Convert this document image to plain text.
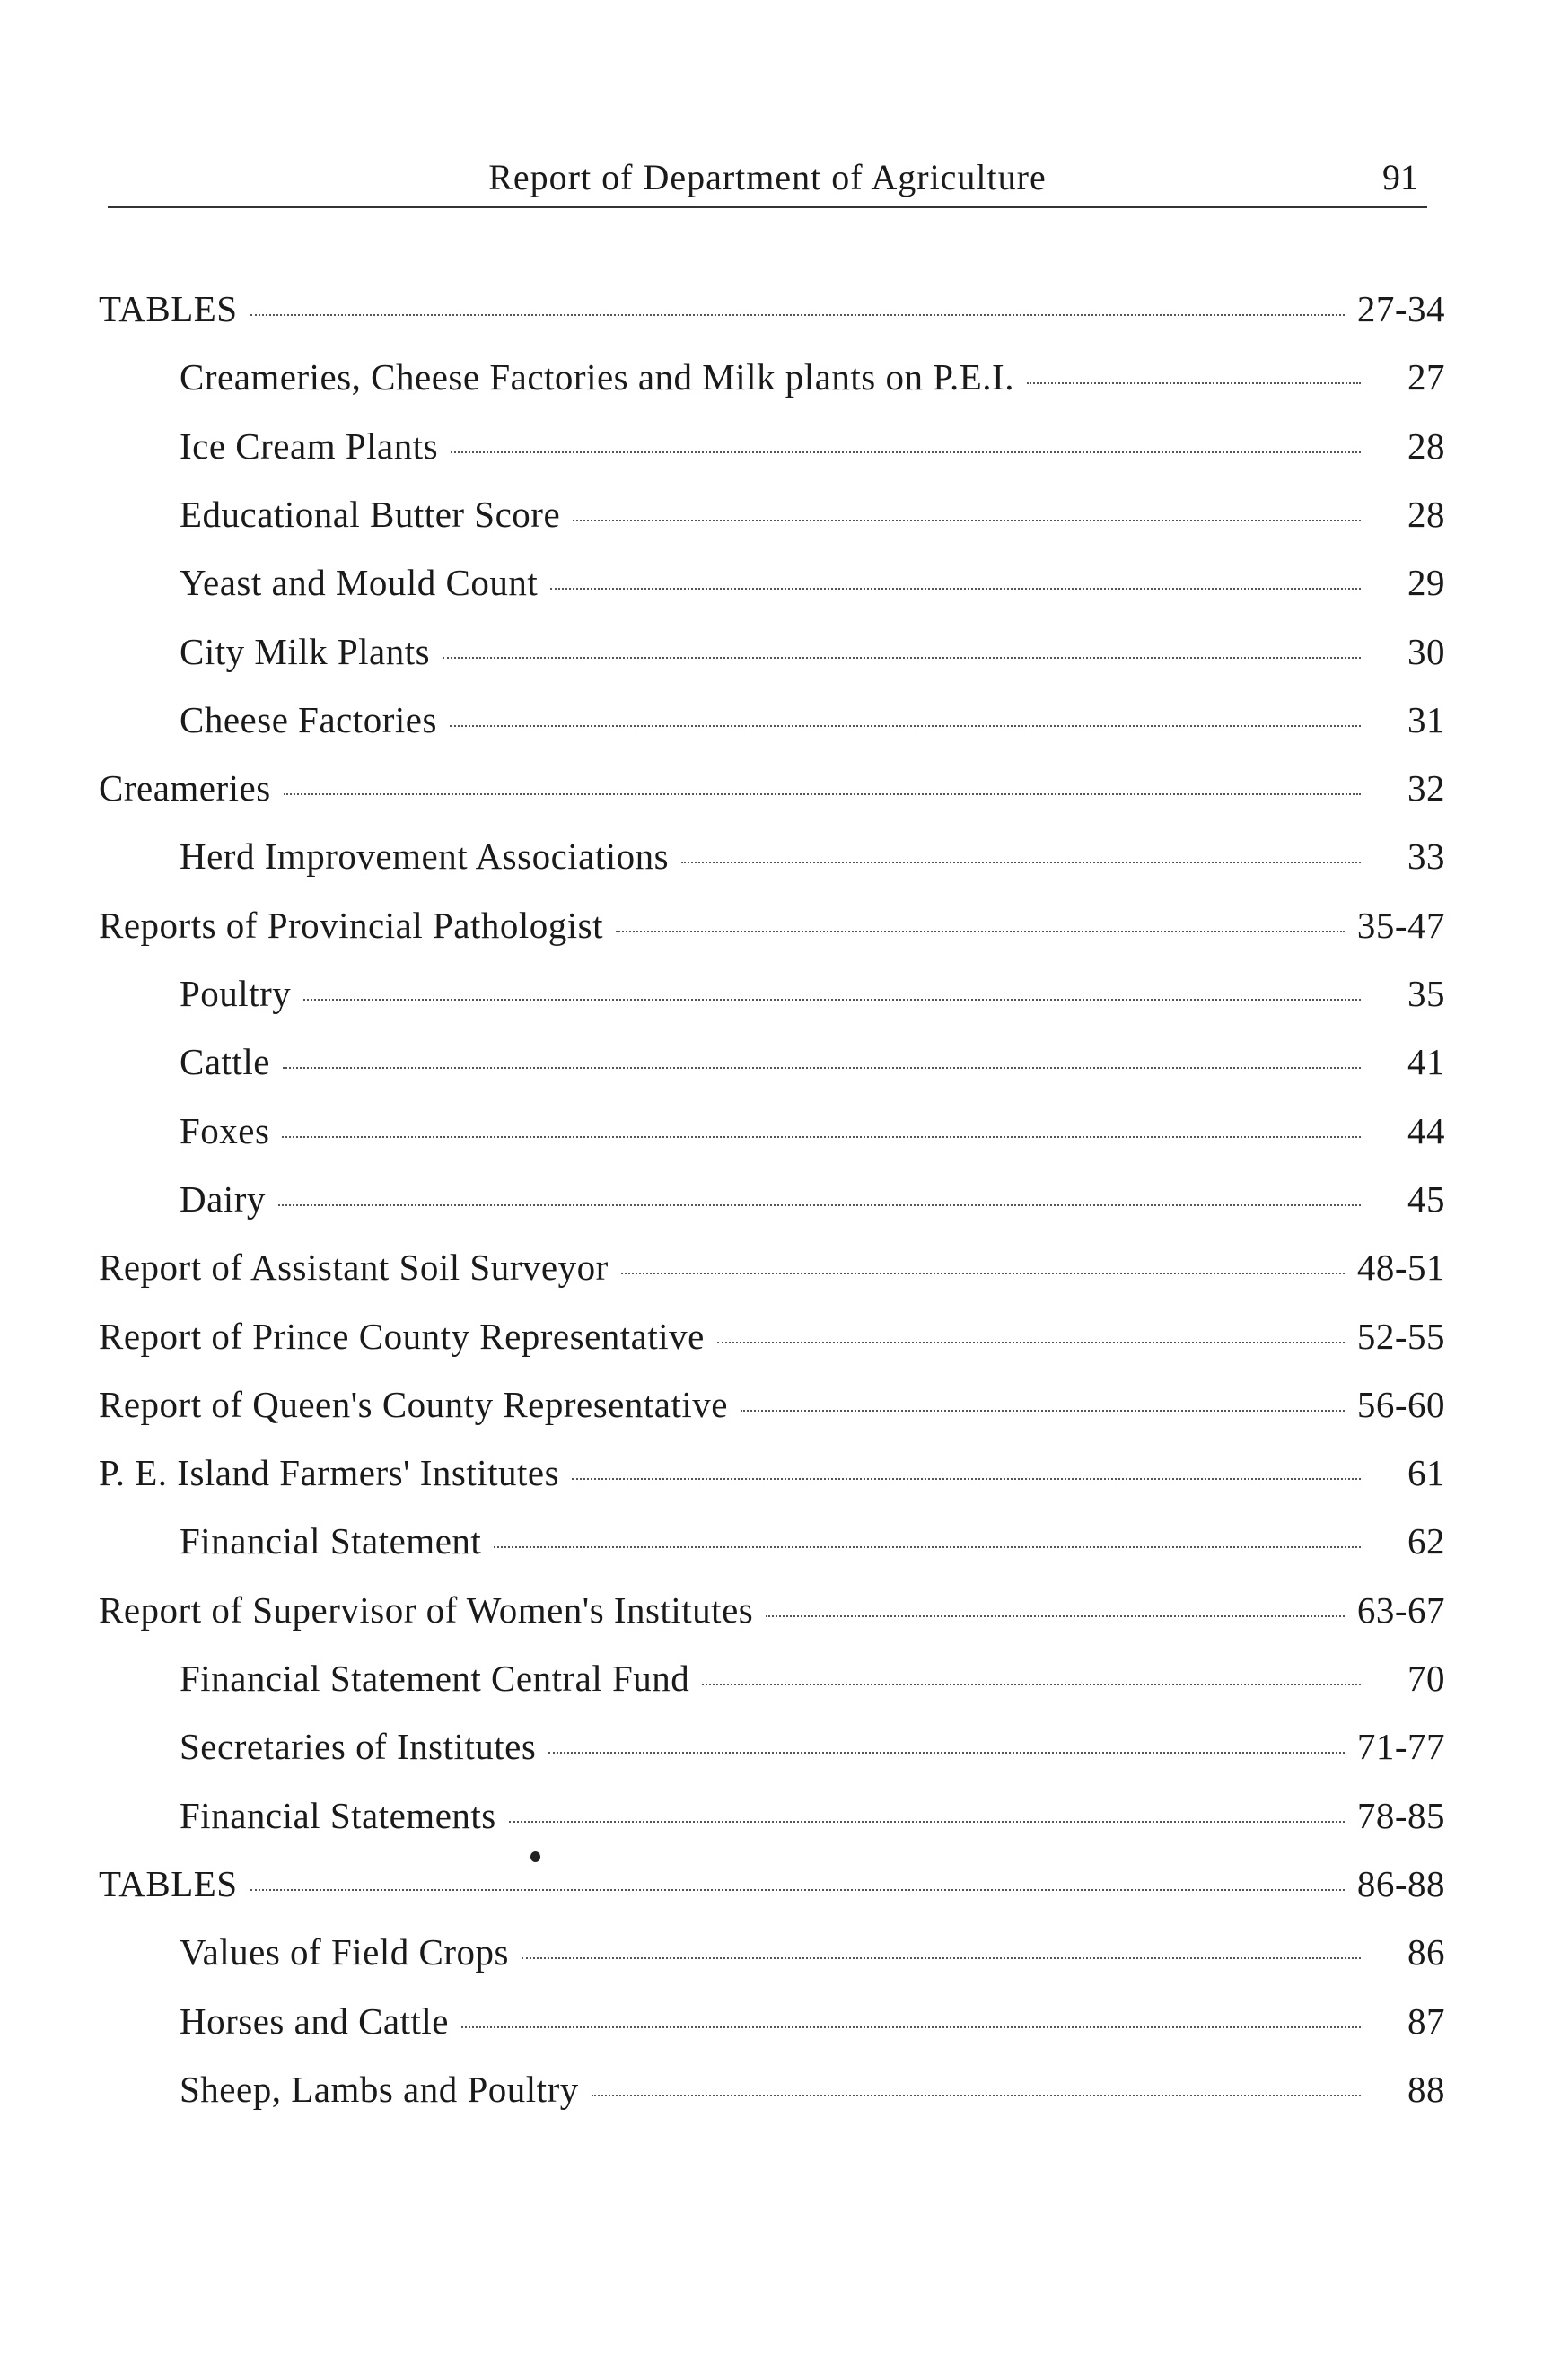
Report of Department of Agriculture	91
TABLES	27-34
Creameries, Cheese Factories and Milk plants on P.E.I.	27
Ice Cream Plants	28
Educational Butter Score	28
Yeast and Mould Count	29
City Milk Plants	30
Cheese Factories	31
Creameries	32
Herd Improvement Associations	33
Reports of Provincial Pathologist	35-47
Poultry	35
Cattle	41
Foxes	44
Dairy	45
Report of Assistant Soil Surveyor	48-51
Report of Prince County Representative	52-55
Report of Queen's County Representative	56-60
P. E. Island Farmers' Institutes	61
Financial Statement	62
Report of Supervisor of Women's Institutes	63-67
Financial Statement Central Fund	70
Secretaries of Institutes	71-77
Financial Statements	78-85
TABLES	86-88
Values of Field Crops	86
Horses and Cattle	87
Sheep, Lambs and Poultry	88
